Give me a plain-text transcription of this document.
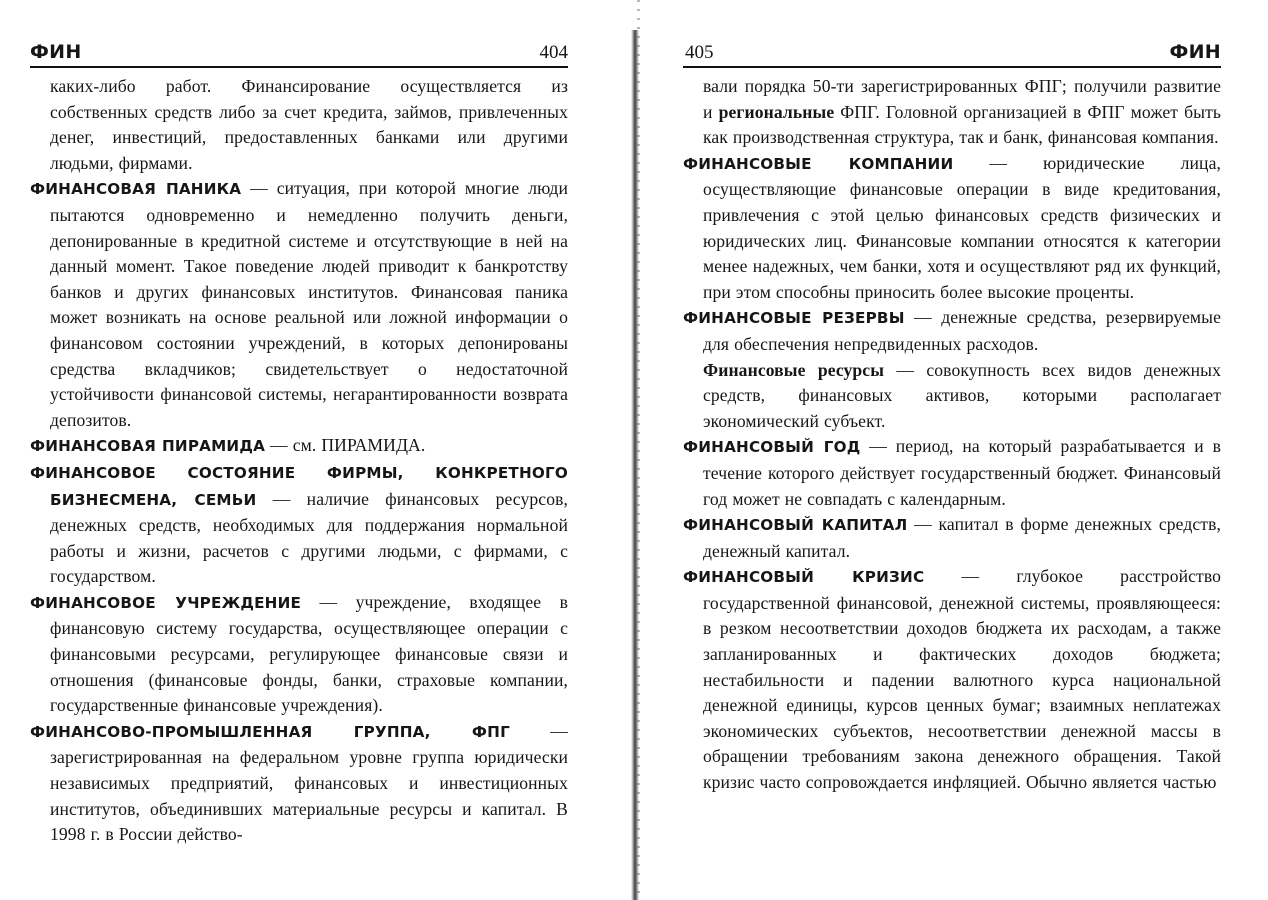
ФИН	404

каких-либо работ. Финансирование осуществляется из собственных средств либо за счет кредита, займов, привлеченных денег, инвестиций, предоставленных банками или другими людьми, фирмами.

ФИНАНСОВАЯ ПАНИКА — ситуация, при которой многие люди пытаются одновременно и немедленно получить деньги, депонированные в кредитной системе и отсутствующие в ней на данный момент. Такое поведение людей приводит к банкротству банков и других финансовых институтов. Финансовая паника может возникать на основе реальной или ложной информации о финансовом состоянии учреждений, в которых депонированы средства вкладчиков; свидетельствует о недостаточной устойчивости финансовой системы, негарантированности возврата депозитов.

ФИНАНСОВАЯ ПИРАМИДА — см. ПИРАМИДА.

ФИНАНСОВОЕ СОСТОЯНИЕ ФИРМЫ, КОНКРЕТНОГО БИЗНЕСМЕНА, СЕМЬИ — наличие финансовых ресурсов, денежных средств, необходимых для поддержания нормальной работы и жизни, расчетов с другими людьми, с фирмами, с государством.

ФИНАНСОВОЕ УЧРЕЖДЕНИЕ — учреждение, входящее в финансовую систему государства, осуществляющее операции с финансовыми ресурсами, регулирующее финансовые связи и отношения (финансовые фонды, банки, страховые компании, государственные финансовые учреждения).

ФИНАНСОВО-ПРОМЫШЛЕННАЯ ГРУППА, ФПГ — зарегистрированная на федеральном уровне группа юридически независимых предприятий, финансовых и инвестиционных институтов, объединивших материальные ресурсы и капитал. В 1998 г. в России действо-

405	ФИН

вали порядка 50-ти зарегистрированных ФПГ; получили развитие и региональные ФПГ. Головной организацией в ФПГ может быть как производственная структура, так и банк, финансовая компания.

ФИНАНСОВЫЕ КОМПАНИИ — юридические лица, осуществляющие финансовые операции в виде кредитования, привлечения с этой целью финансовых средств физических и юридических лиц. Финансовые компании относятся к категории менее надежных, чем банки, хотя и осуществляют ряд их функций, при этом способны приносить более высокие проценты.

ФИНАНСОВЫЕ РЕЗЕРВЫ — денежные средства, резервируемые для обеспечения непредвиденных расходов.

Финансовые ресурсы — совокупность всех видов денежных средств, финансовых активов, которыми располагает экономический субъект.

ФИНАНСОВЫЙ ГОД — период, на который разрабатывается и в течение которого действует государственный бюджет. Финансовый год может не совпадать с календарным.

ФИНАНСОВЫЙ КАПИТАЛ — капитал в форме денежных средств, денежный капитал.

ФИНАНСОВЫЙ КРИЗИС — глубокое расстройство государственной финансовой, денежной системы, проявляющееся: в резком несоответствии доходов бюджета их расходам, а также запланированных и фактических доходов бюджета; нестабильности и падении валютного курса национальной денежной единицы, курсов ценных бумаг; взаимных неплатежах экономических субъектов, несоответствии денежной массы в обращении требованиям закона денежного обращения. Такой кризис часто сопровождается инфляцией. Обычно является частью
